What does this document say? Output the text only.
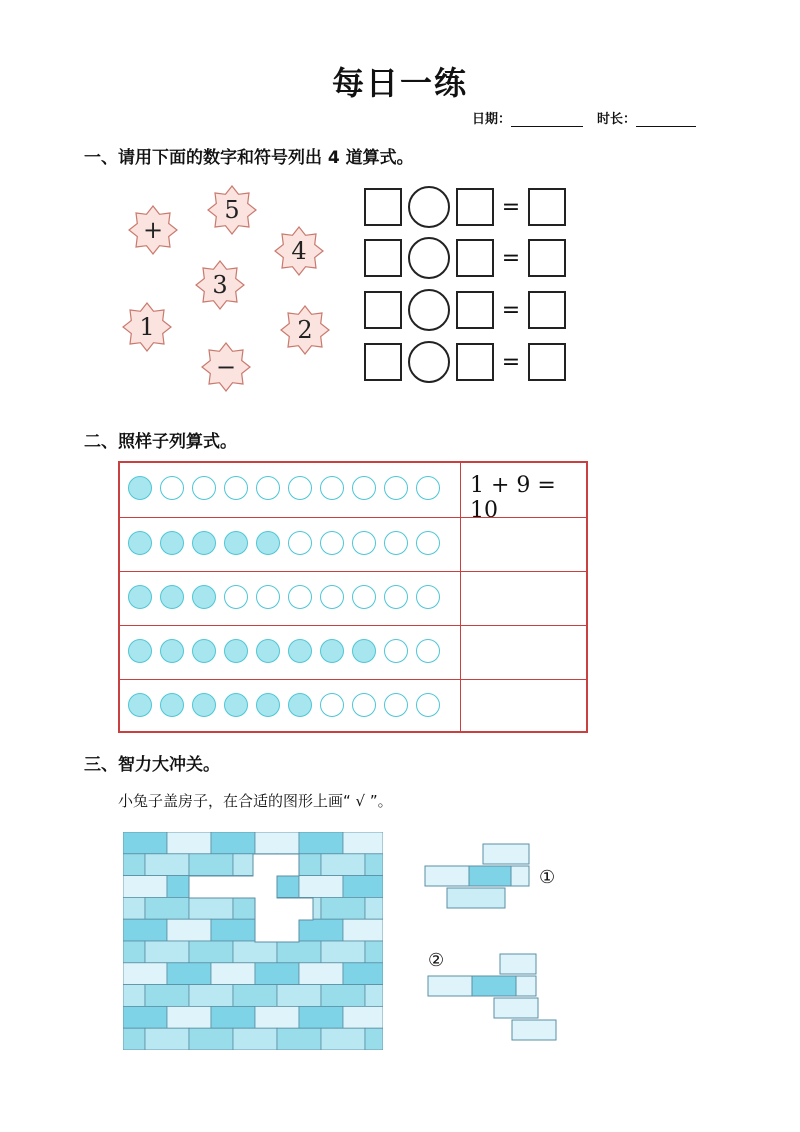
每日一练
日期：	时长：
一、请用下面的数字和符号列出 4 道算式。
+
5
4
3
1	2
−
=
=
=
=
二、照样子列算式。
1 + 9 = 10
三、智力大冲关。
小兔子盖房子，在合适的图形上画“ √ ”。
①
②
